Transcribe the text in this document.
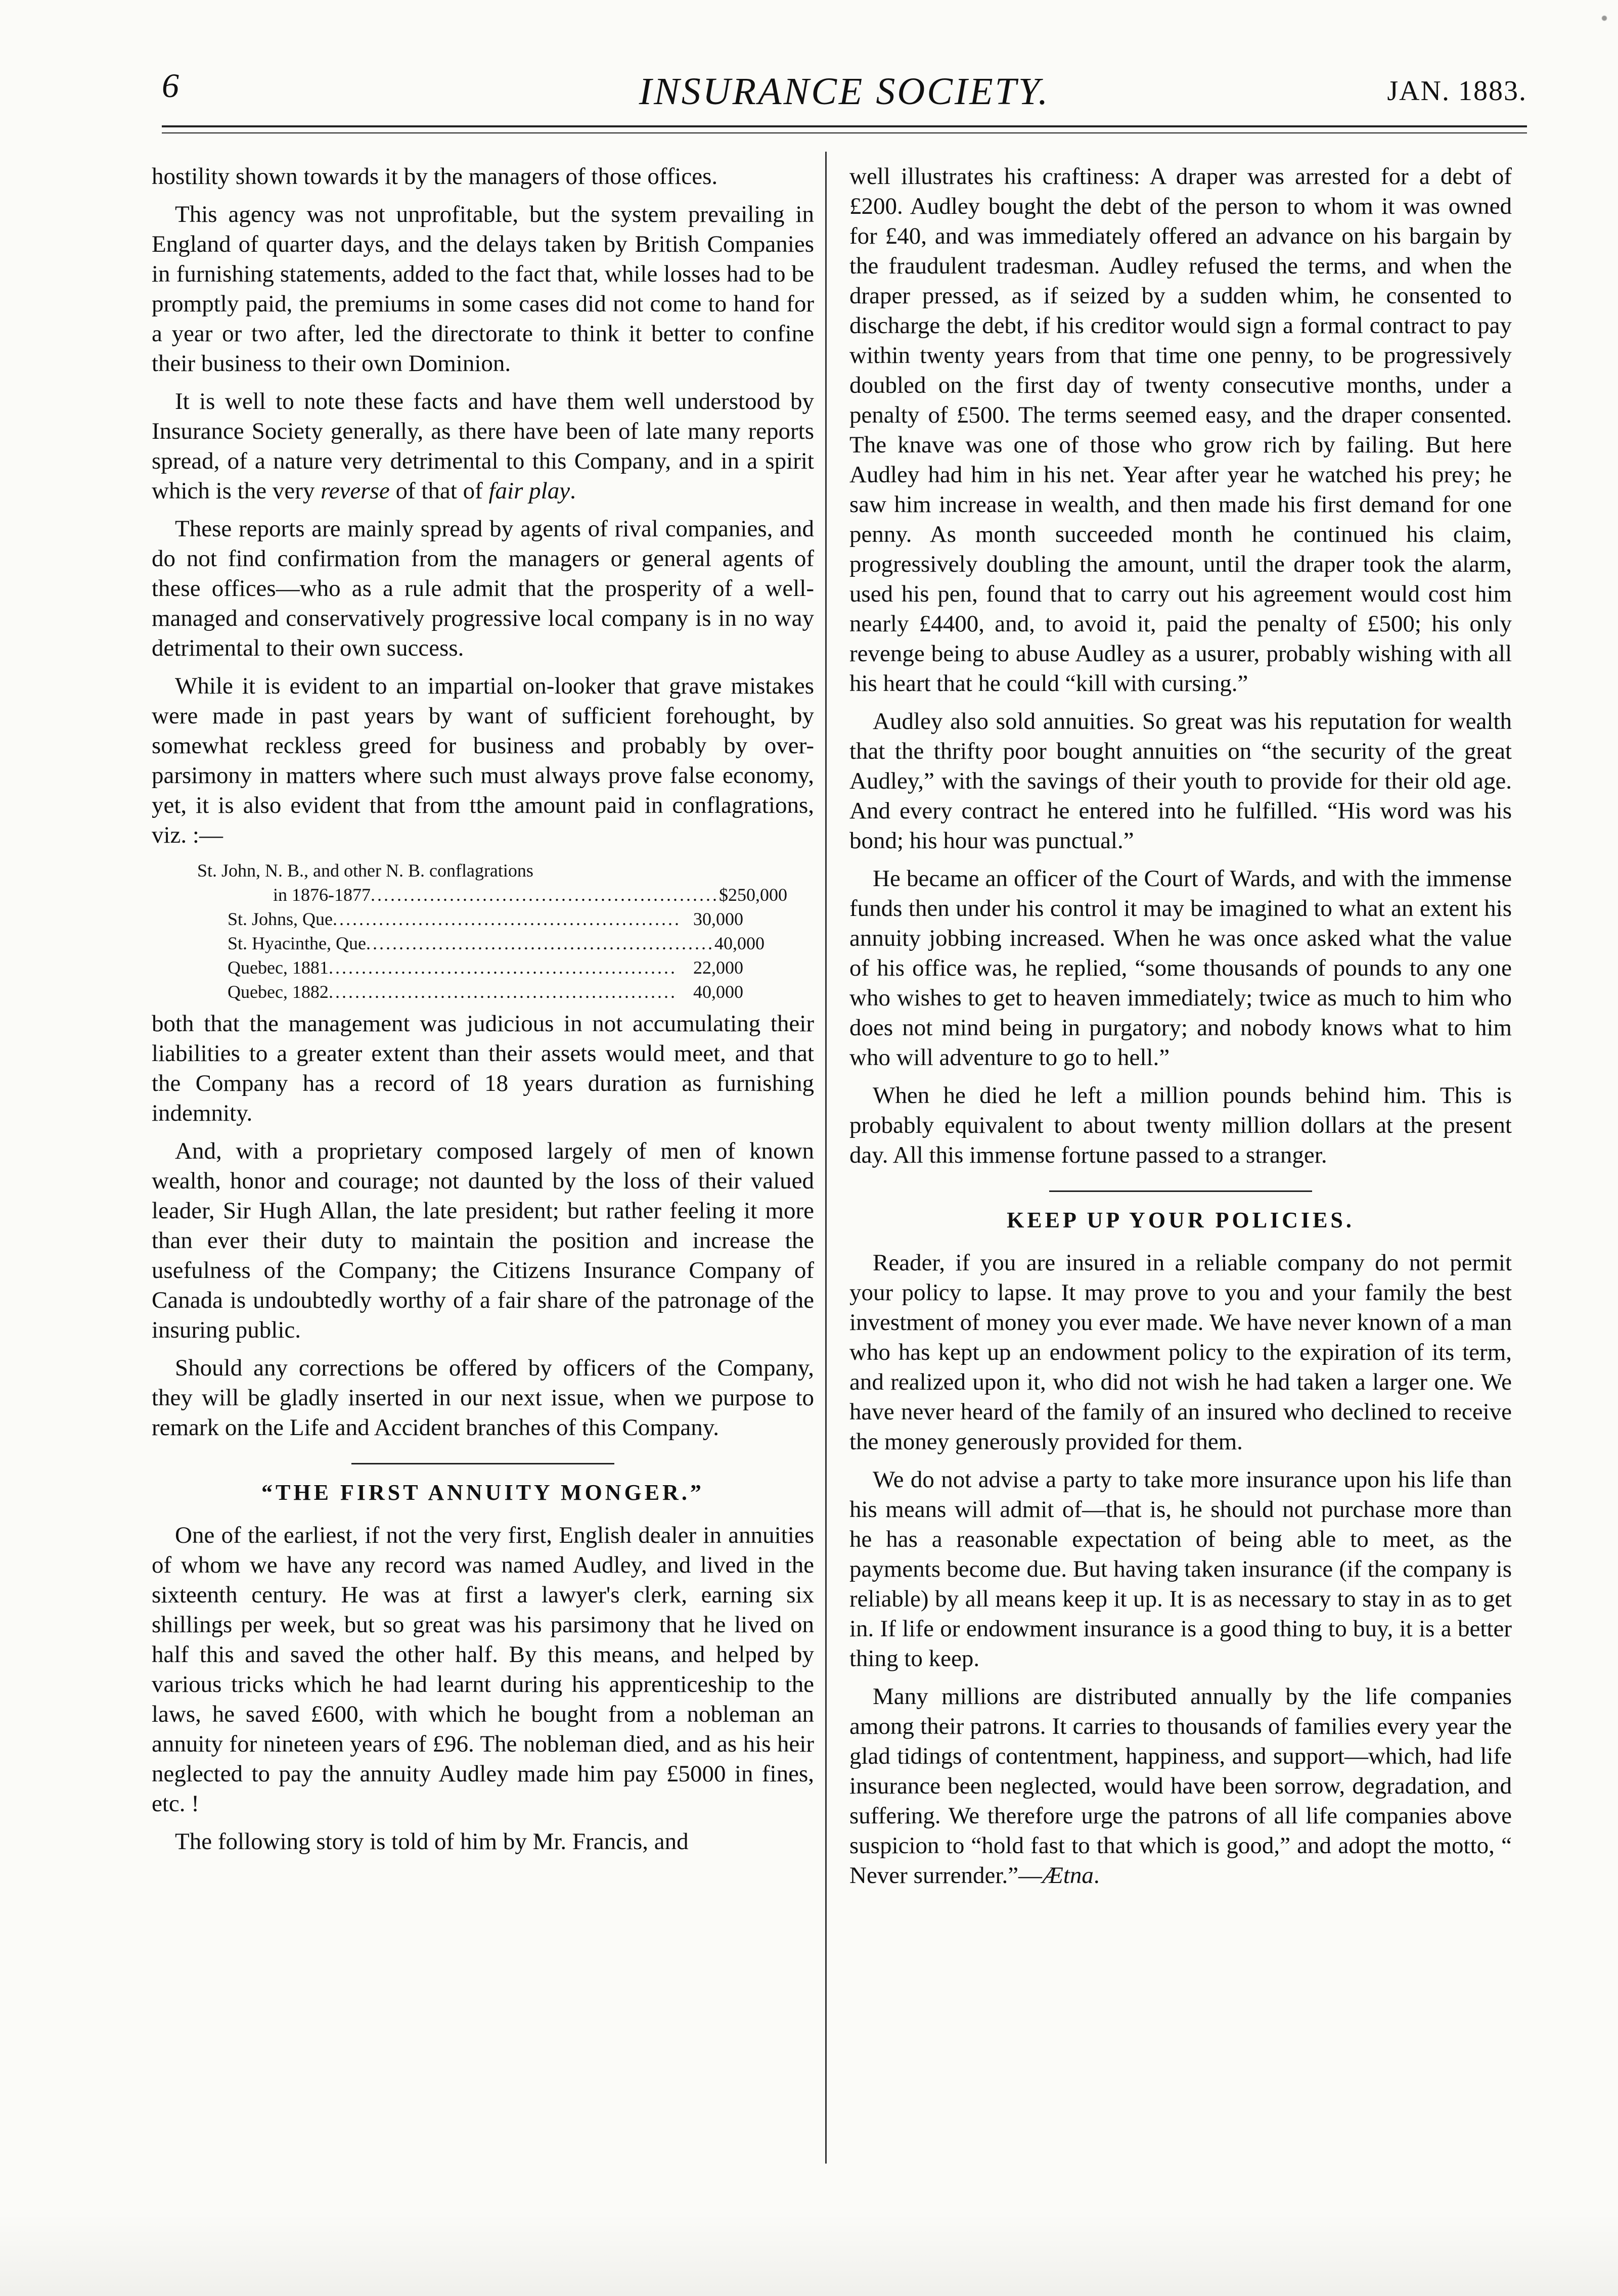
6	INSURANCE SOCIETY.	JAN. 1883.

hostility shown towards it by the managers of those offices.

This agency was not unprofitable, but the system prevailing in England of quarter days, and the delays taken by British Companies in furnishing statements, added to the fact that, while losses had to be promptly paid, the premiums in some cases did not come to hand for a year or two after, led the directorate to think it better to confine their business to their own Dominion.

It is well to note these facts and have them well understood by Insurance Society generally, as there have been of late many reports spread, of a nature very detrimental to this Company, and in a spirit which is the very reverse of that of fair play.

These reports are mainly spread by agents of rival companies, and do not find confirmation from the managers or general agents of these offices—who as a rule admit that the prosperity of a well-managed and conservatively progressive local company is in no way detrimental to their own success.

While it is evident to an impartial on-looker that grave mistakes were made in past years by want of sufficient forehought, by somewhat reckless greed for business and probably by over-parsimony in matters where such must always prove false economy, yet, it is also evident that from tthe amount paid in conflagrations, viz. :—

St. John, N. B., and other N. B. conflagrations
in 1876-1877 ..................................................... $250,000
St. Johns, Que ..................................................... 30,000
St. Hyacinthe, Que ..................................................... 40,000
Quebec, 1881 ..................................................... 22,000
Quebec, 1882 ..................................................... 40,000

both that the management was judicious in not accumulating their liabilities to a greater extent than their assets would meet, and that the Company has a record of 18 years duration as furnishing indemnity.

And, with a proprietary composed largely of men of known wealth, honor and courage; not daunted by the loss of their valued leader, Sir Hugh Allan, the late president; but rather feeling it more than ever their duty to maintain the position and increase the usefulness of the Company; the Citizens Insurance Company of Canada is undoubtedly worthy of a fair share of the patronage of the insuring public.

Should any corrections be offered by officers of the Company, they will be gladly inserted in our next issue, when we purpose to remark on the Life and Accident branches of this Company.

“THE FIRST ANNUITY MONGER.”

One of the earliest, if not the very first, English dealer in annuities of whom we have any record was named Audley, and lived in the sixteenth century. He was at first a lawyer's clerk, earning six shillings per week, but so great was his parsimony that he lived on half this and saved the other half. By this means, and helped by various tricks which he had learnt during his apprenticeship to the laws, he saved £600, with which he bought from a nobleman an annuity for nineteen years of £96. The nobleman died, and as his heir neglected to pay the annuity Audley made him pay £5000 in fines, etc. !

The following story is told of him by Mr. Francis, and

well illustrates his craftiness: A draper was arrested for a debt of £200. Audley bought the debt of the person to whom it was owned for £40, and was immediately offered an advance on his bargain by the fraudulent tradesman. Audley refused the terms, and when the draper pressed, as if seized by a sudden whim, he consented to discharge the debt, if his creditor would sign a formal contract to pay within twenty years from that time one penny, to be progressively doubled on the first day of twenty consecutive months, under a penalty of £500. The terms seemed easy, and the draper consented. The knave was one of those who grow rich by failing. But here Audley had him in his net. Year after year he watched his prey; he saw him increase in wealth, and then made his first demand for one penny. As month succeeded month he continued his claim, progressively doubling the amount, until the draper took the alarm, used his pen, found that to carry out his agreement would cost him nearly £4400, and, to avoid it, paid the penalty of £500; his only revenge being to abuse Audley as a usurer, probably wishing with all his heart that he could “kill with cursing.”

Audley also sold annuities. So great was his reputation for wealth that the thrifty poor bought annuities on “the security of the great Audley,” with the savings of their youth to provide for their old age. And every contract he entered into he fulfilled. “His word was his bond; his hour was punctual.”

He became an officer of the Court of Wards, and with the immense funds then under his control it may be imagined to what an extent his annuity jobbing increased. When he was once asked what the value of his office was, he replied, “some thousands of pounds to any one who wishes to get to heaven immediately; twice as much to him who does not mind being in purgatory; and nobody knows what to him who will adventure to go to hell.”

When he died he left a million pounds behind him. This is probably equivalent to about twenty million dollars at the present day. All this immense fortune passed to a stranger.

KEEP UP YOUR POLICIES.

Reader, if you are insured in a reliable company do not permit your policy to lapse. It may prove to you and your family the best investment of money you ever made. We have never known of a man who has kept up an endowment policy to the expiration of its term, and realized upon it, who did not wish he had taken a larger one. We have never heard of the family of an insured who declined to receive the money generously provided for them.

We do not advise a party to take more insurance upon his life than his means will admit of—that is, he should not purchase more than he has a reasonable expectation of being able to meet, as the payments become due. But having taken insurance (if the company is reliable) by all means keep it up. It is as necessary to stay in as to get in. If life or endowment insurance is a good thing to buy, it is a better thing to keep.

Many millions are distributed annually by the life companies among their patrons. It carries to thousands of families every year the glad tidings of contentment, happiness, and support—which, had life insurance been neglected, would have been sorrow, degradation, and suffering. We therefore urge the patrons of all life companies above suspicion to “hold fast to that which is good,” and adopt the motto, “ Never surrender.”—Ætna.
